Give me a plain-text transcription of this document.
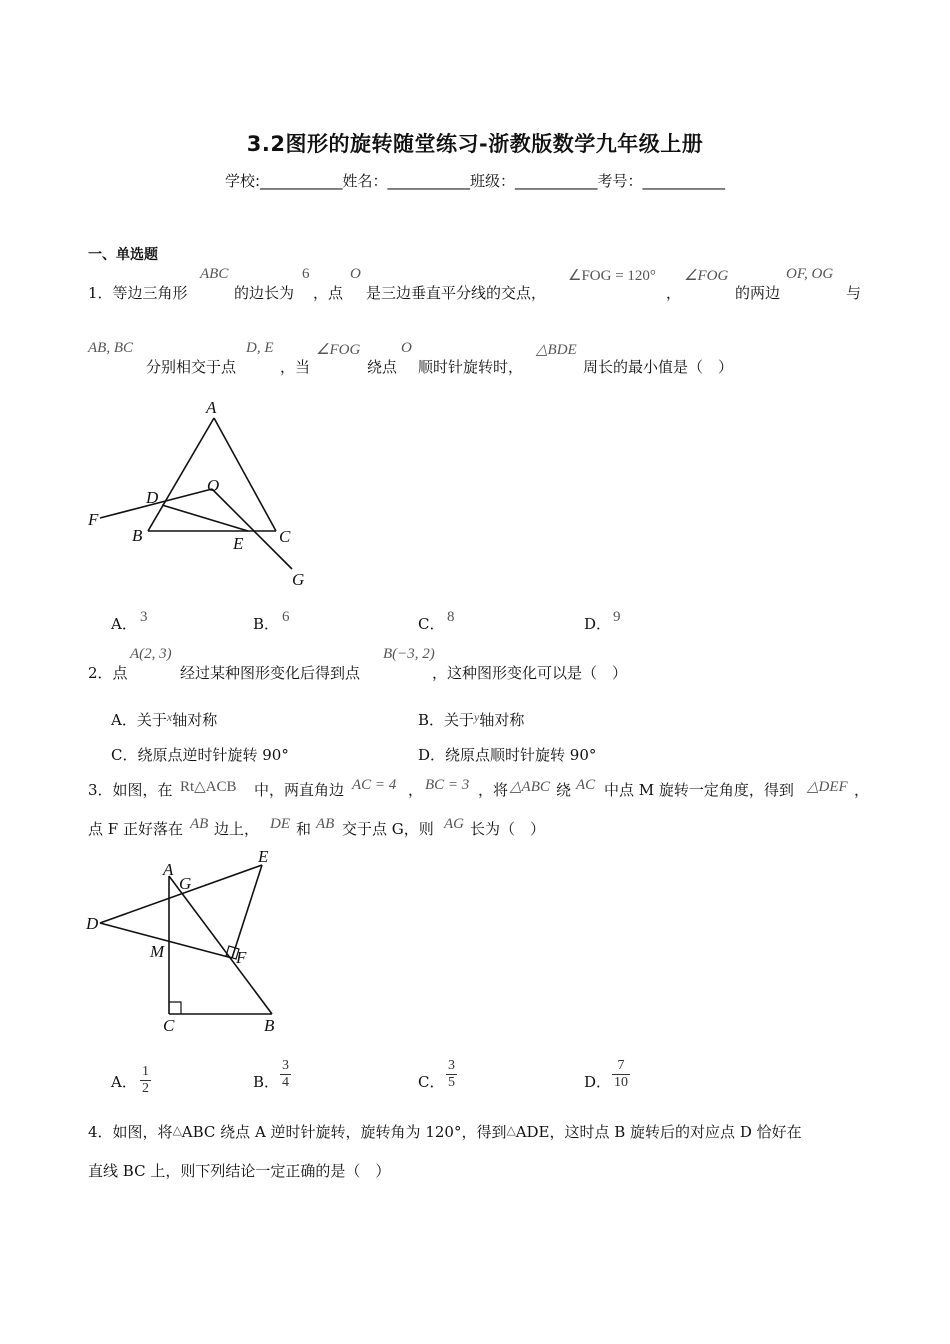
3.2图形的旋转随堂练习-浙教版数学九年级上册
学校:___________姓名：___________班级：___________考号：___________
一、单选题
1．等边三角形
ABC
的边长为
6
，点
O
是三边垂直平分线的交点，
∠FOG = 120°
，
∠FOG
的两边
OF, OG
与
AB, BC
分别相交于点
D, E
，当
∠FOG
绕点
O
顺时针旋转时，
△BDE
周长的最小值是（　）
A
O
D
F
B	E C
G
A． 3	B． 6	C． 8	D． 9
2．点
A(2, 3)
经过某种图形变化后得到点
B(−3, 2)
，这种图形变化可以是（　）
A．关于$^x$轴对称	B．关于$^y$轴对称
C．绕原点逆时针旋转 90°	D．绕原点顺时针旋转 90°
3．如图，在 Rt△ACB 中，两直角边 AC = 4 ， BC = 3 ，将 △ABC 绕 AC 中点 M 旋转一定角度，得到 △DEF ，
点 F 正好落在 AB 边上， DE 和 AB 交于点 G，则 AG 长为（　）
A
E
G
D
M	F
C	B
A． $\frac{1}{2}$	B． $\frac{3}{4}$	C． $\frac{3}{5}$	D． $\frac{7}{10}$
4．如图，将△ABC 绕点 A 逆时针旋转，旋转角为 120°，得到△ADE，这时点 B 旋转后的对应点 D 恰好在
直线 BC 上，则下列结论一定正确的是（　）
